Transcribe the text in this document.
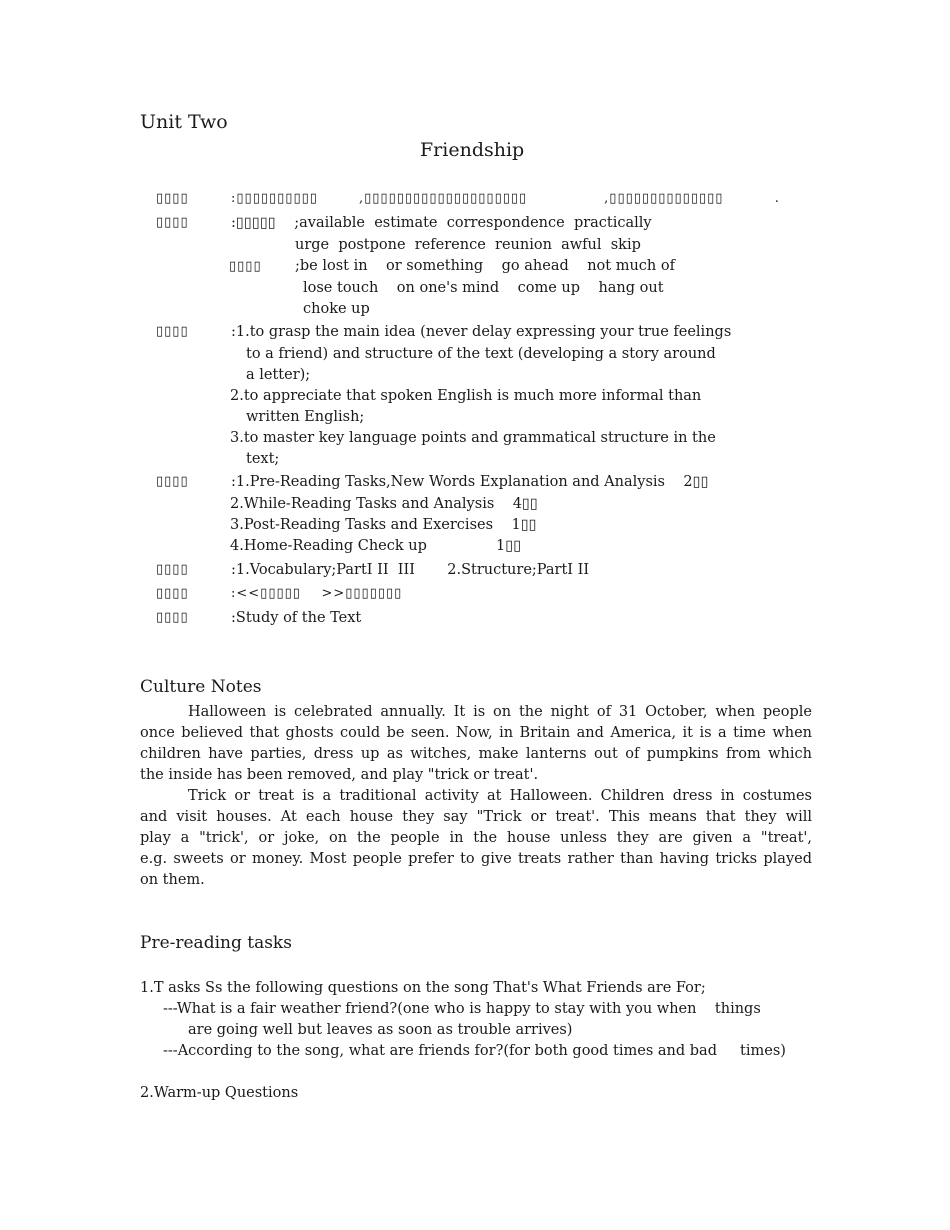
Unit Two
Friendship
▯▯▯▯	:▯▯▯▯▯▯▯▯▯▯        ,▯▯▯▯▯▯▯▯▯▯▯▯▯▯▯▯▯▯▯▯               ,▯▯▯▯▯▯▯▯▯▯▯▯▯▯          .
▯▯▯▯	:▯▯▯▯▯    ;available  estimate  correspondence  practically
urge  postpone  reference  reunion  awful  skip
▯▯▯▯ ;be lost in    or something    go ahead    not much of
lose touch    on one's mind    come up    hang out
choke up
▯▯▯▯	:1.to grasp the main idea (never delay expressing your true feelings
to a friend) and structure of the text (developing a story around
a letter);
2.to appreciate that spoken English is much more informal than
written English;
3.to master key language points and grammatical structure in the
text;
▯▯▯▯	:1.Pre-Reading Tasks,New Words Explanation and Analysis    2▯▯
2.While-Reading Tasks and Analysis    4▯▯
3.Post-Reading Tasks and Exercises    1▯▯
4.Home-Reading Check up               1▯▯
▯▯▯▯	:1.Vocabulary;PartI II  III       2.Structure;PartI II
▯▯▯▯	:<<▯▯▯▯▯    >>▯▯▯▯▯▯▯
▯▯▯▯	:Study of the Text
Culture Notes
Halloween is celebrated annually. It is on the night of 31 October, when people
once believed that ghosts could be seen. Now, in Britain and America, it is a time when
children have parties, dress up as witches, make lanterns out of pumpkins from which
the inside has been removed, and play "trick or treat'.
Trick or treat is a traditional activity at Halloween. Children dress in costumes
and visit houses. At each house they say "Trick or treat'. This means that they will
play a "trick', or joke, on the people in the house unless they are given a "treat',
e.g. sweets or money. Most people prefer to give treats rather than having tricks played
on them.
Pre-reading tasks
1.T asks Ss the following questions on the song That's What Friends are For;
---What is a fair weather friend?(one who is happy to stay with you when    things
are going well but leaves as soon as trouble arrives)
---According to the song, what are friends for?(for both good times and bad     times)
2.Warm-up Questions
